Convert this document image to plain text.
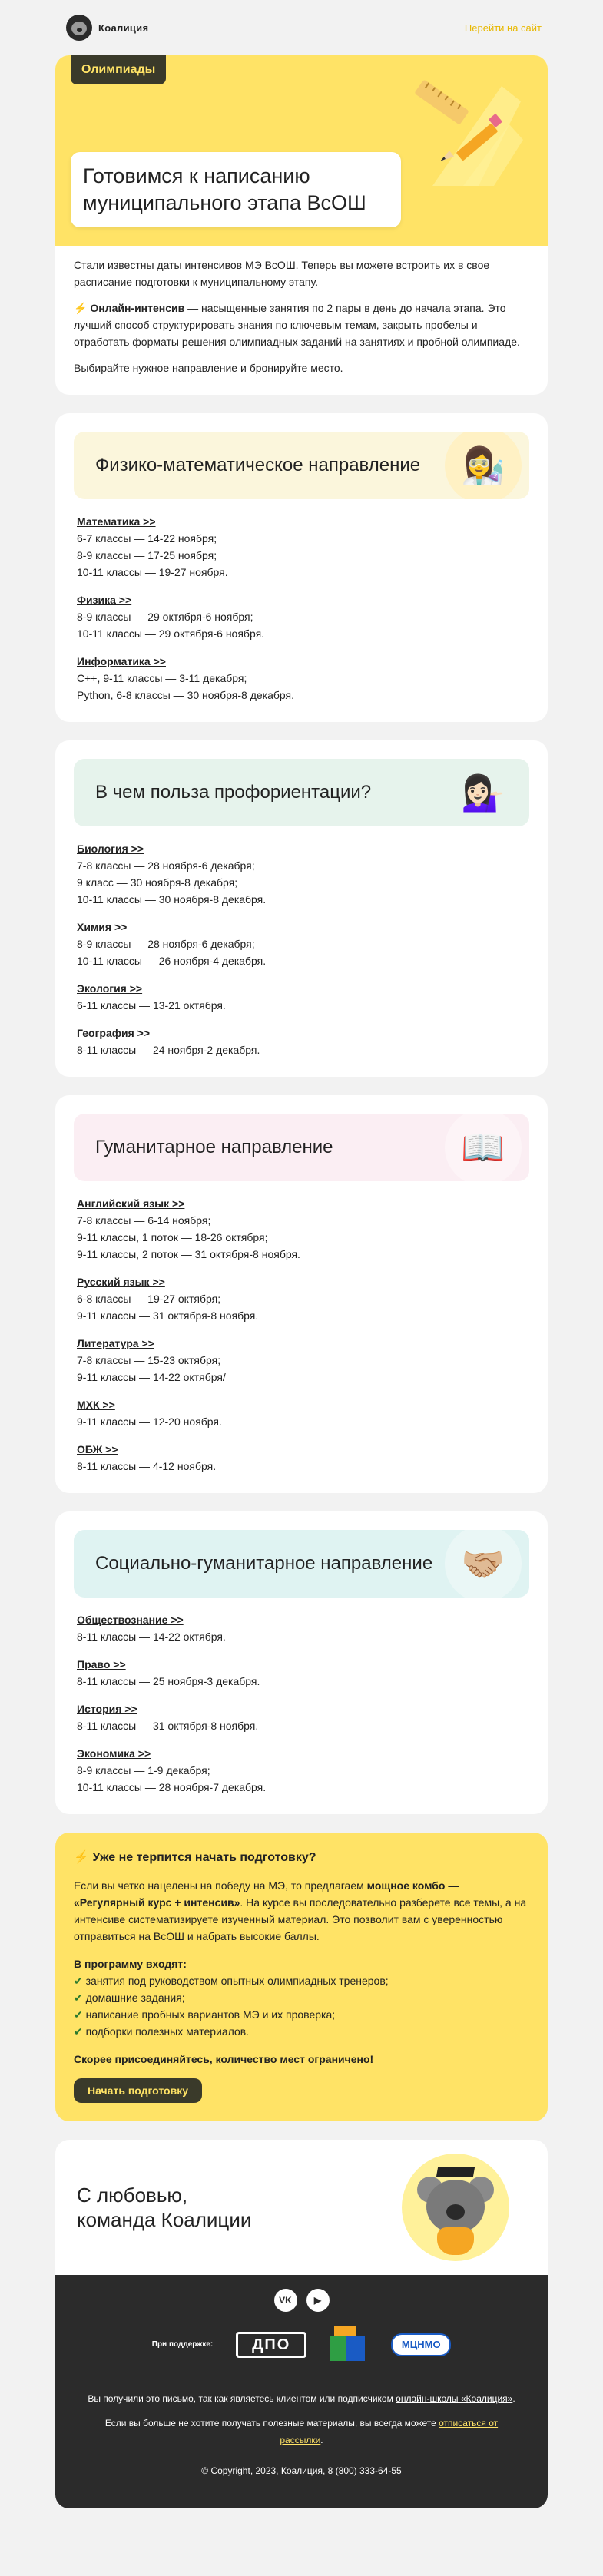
Коалиция	Перейти на сайт
Олимпиады
Готовимся к написанию муниципального этапа ВсОШ

Стали известны даты интенсивов МЭ ВсОШ. Теперь вы можете встроить их в свое расписание подготовки к муниципальному этапу.

⚡ Онлайн-интенсив — насыщенные занятия по 2 пары в день до начала этапа. Это лучший способ структурировать знания по ключевым темам, закрыть пробелы и отработать форматы решения олимпиадных заданий на занятиях и пробной олимпиаде.

Выбирайте нужное направление и бронируйте место.

Физико-математическое направление	👩‍🔬
Математика >>
6-7 классы — 14-22 ноября;
8-9 классы — 17-25 ноября;
10-11 классы — 19-27 ноября.
Физика >>
8-9 классы — 29 октября-6 ноября;
10-11 классы — 29 октября-6 ноября.
Информатика >>
С++, 9-11 классы — 3-11 декабря;
Python, 6-8 классы — 30 ноября-8 декабря.
В чем польза профориентации?	💁🏻‍♀️
Биология >>
7-8 классы — 28 ноября-6 декабря;
9 класс — 30 ноября-8 декабря;
10-11 классы — 30 ноября-8 декабря.
Химия >>
8-9 классы — 28 ноября-6 декабря;
10-11 классы — 26 ноября-4 декабря.
Экология >>
6-11 классы — 13-21 октября.
География >>
8-11 классы — 24 ноября-2 декабря.
Гуманитарное направление	📖
Английский язык >>
7-8 классы — 6-14 ноября;
9-11 классы, 1 поток — 18-26 октября;
9-11 классы, 2 поток — 31 октября-8 ноября.
Русский язык >>
6-8 классы — 19-27 октября;
9-11 классы — 31 октября-8 ноября.
Литература >>
7-8 классы — 15-23 октября;
9-11 классы — 14-22 октября/
МХК >>
9-11 классы — 12-20 ноября.
ОБЖ >>
8-11 классы — 4-12 ноября.
Социально-гуманитарное направление 🤝🏼
Обществознание >>
8-11 классы — 14-22 октября.
Право >>
8-11 классы — 25 ноября-3 декабря.
История >>
8-11 классы — 31 октября-8 ноября.
Экономика >>
8-9 классы — 1-9 декабря;
10-11 классы — 28 ноября-7 декабря.
⚡ Уже не терпится начать подготовку?

Если вы четко нацелены на победу на МЭ, то предлагаем мощное комбо — «Регулярный курс + интенсив». На курсе вы последовательно разберете все темы, а на интенсиве систематизируете изученный материал. Это позволит вам с уверенностью отправиться на ВсОШ и набрать высокие баллы.

В программу входят:
✔ занятия под руководством опытных олимпиадных тренеров;
✔ домашние задания;
✔ написание пробных вариантов МЭ и их проверка;
✔ подборки полезных материалов.

Скорее присоединяйтесь, количество мест ограничено!

Начать подготовку
С любовью,
команда Коалиции
VK	▶
При поддержке:	ДПО	МЦНМО

Вы получили это письмо, так как являетесь клиентом или подписчиком онлайн-школы «Коалиция».

Если вы больше не хотите получать полезные материалы, вы всегда можете отписаться от рассылки.

© Copyright, 2023, Коалиция, 8 (800) 333-64-55
